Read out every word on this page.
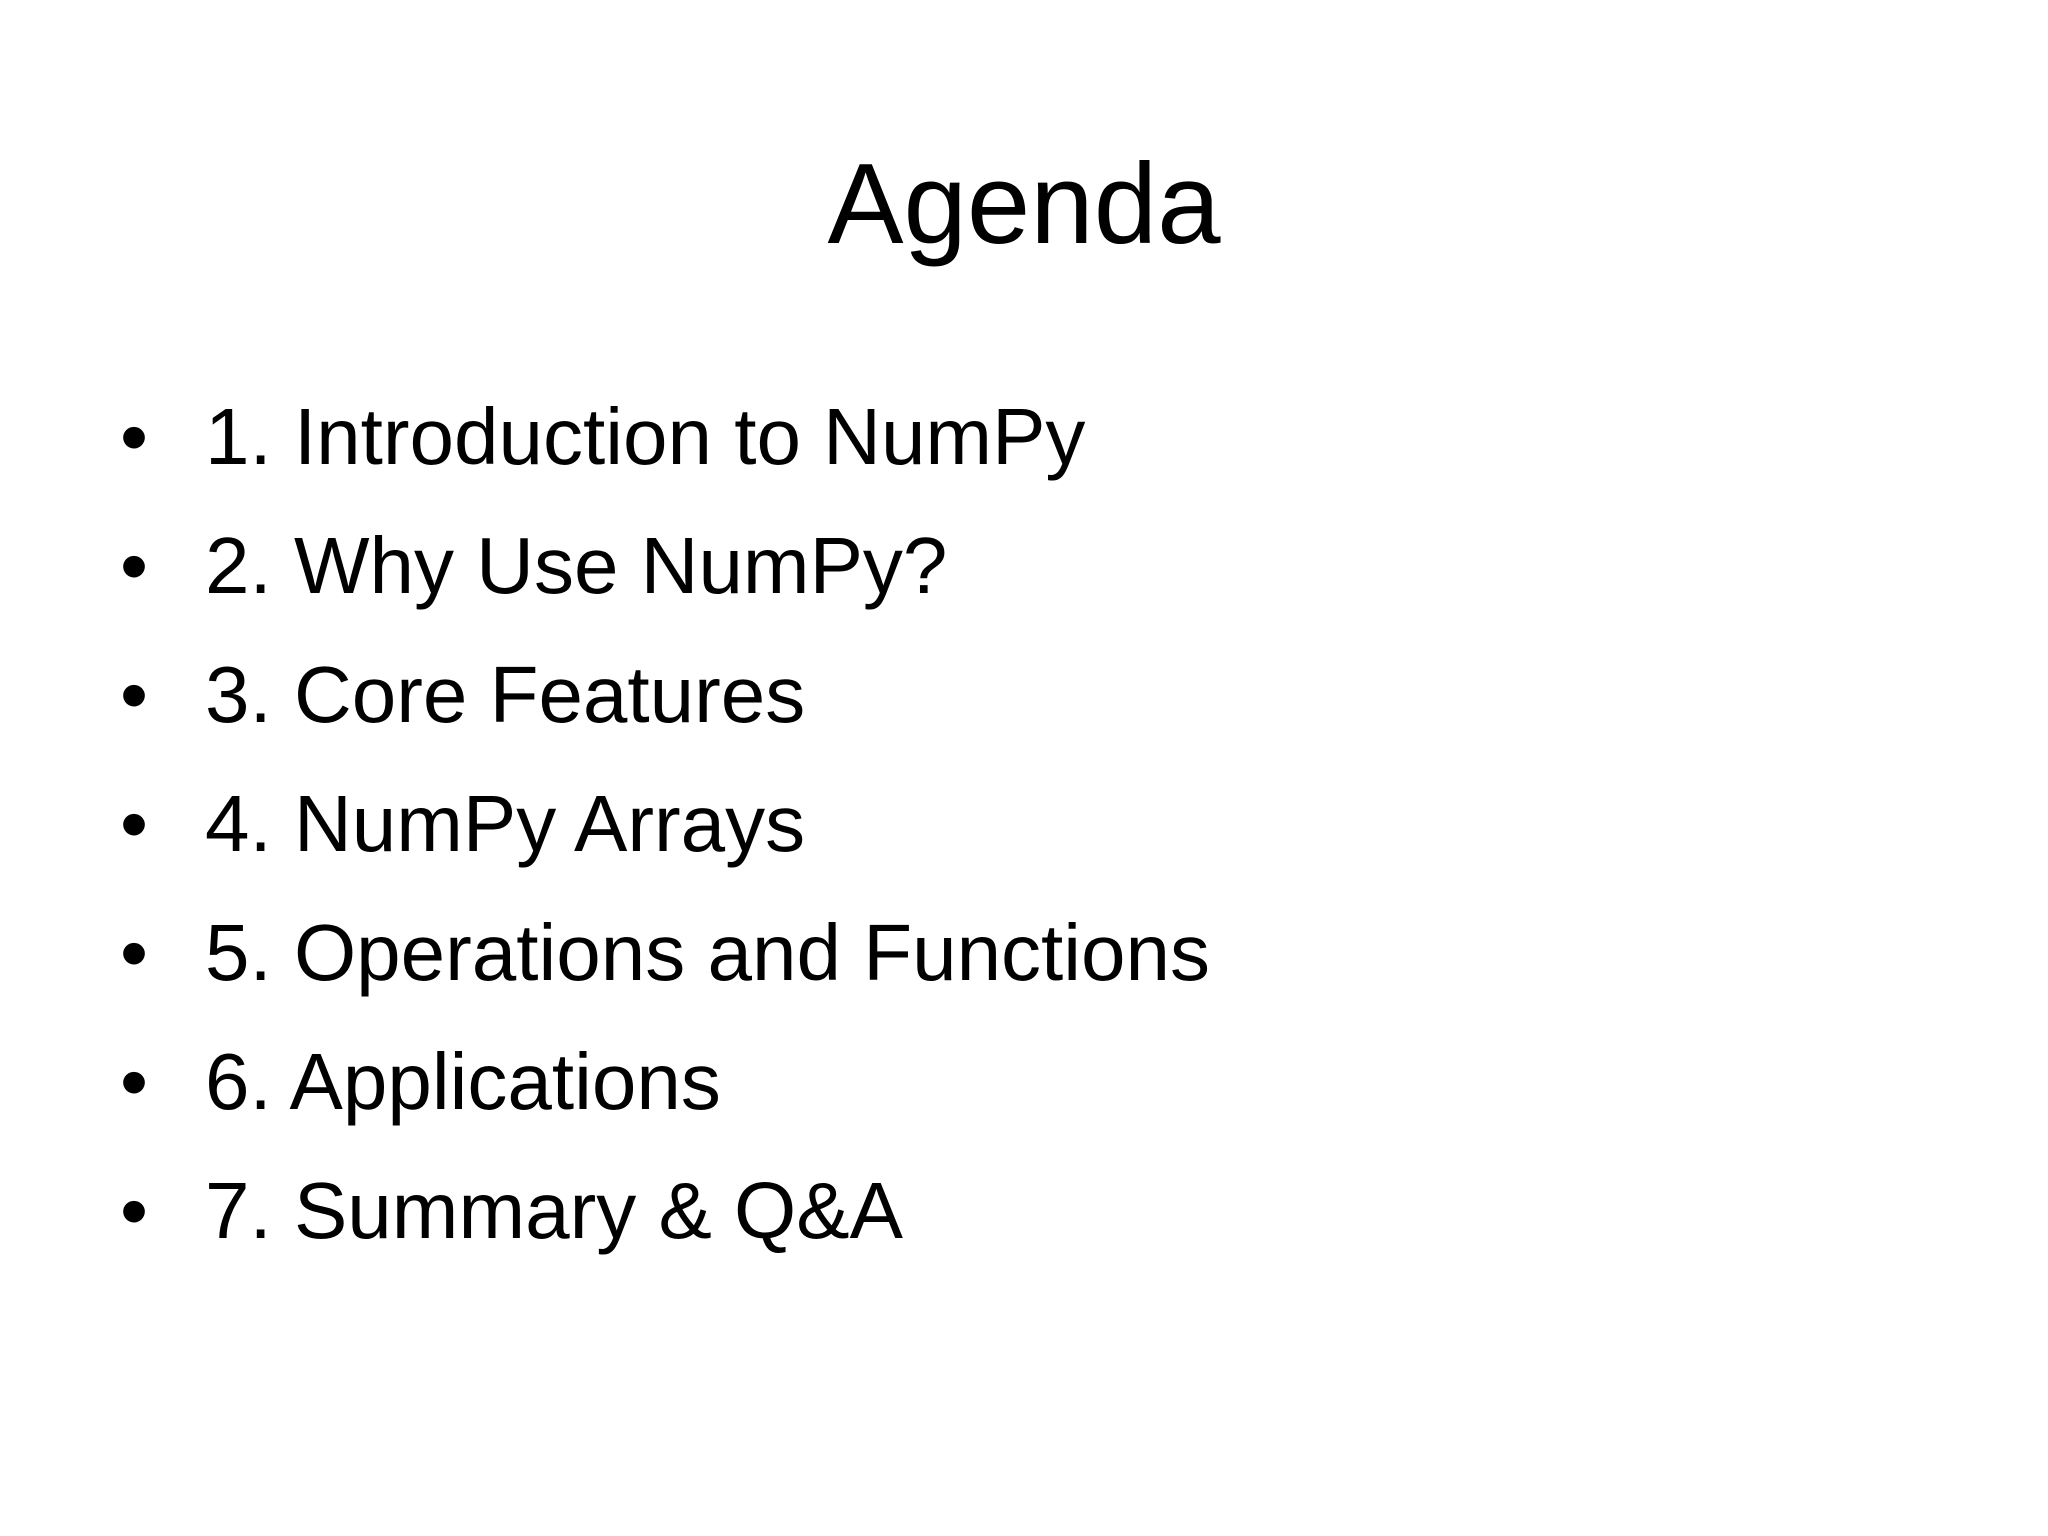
Agenda
• 1. Introduction to NumPy
• 2. Why Use NumPy?
• 3. Core Features
• 4. NumPy Arrays
• 5. Operations and Functions
• 6. Applications
• 7. Summary & Q&A
